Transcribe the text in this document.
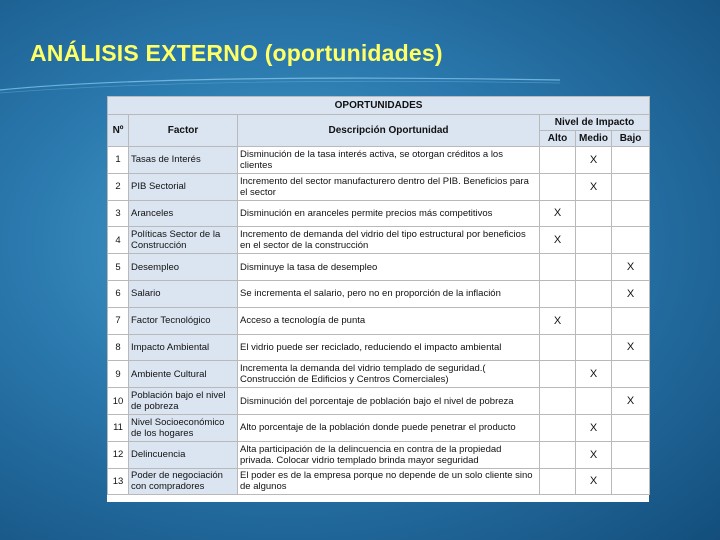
ANÁLISIS EXTERNO (oportunidades)
OPORTUNIDADES					
Nº	Factor	Descripción Oportunidad	Nivel de Impacto		
			Alto	Medio	Bajo
1	Tasas de Interés	Disminución de la tasa interés activa, se otorgan créditos a los clientes		X	
2	PIB Sectorial	Incremento del sector manufacturero dentro del PIB. Beneficios para el sector		X	
3	Aranceles	Disminución en aranceles permite precios más competitivos	X		
4	Políticas Sector de la Construcción	Incremento de demanda del vidrio del tipo estructural por beneficios en el sector de la construcción	X		
5	Desempleo	Disminuye la tasa de desempleo			X
6	Salario	Se incrementa el salario, pero no en proporción de la inflación			X
7	Factor Tecnológico	Acceso a tecnología de punta	X		
8	Impacto Ambiental	El vidrio puede ser reciclado, reduciendo el impacto ambiental			X
9	Ambiente Cultural	Incrementa la demanda del vidrio templado de seguridad.( Construcción de Edificios y Centros Comerciales)		X	
10	Población bajo el nivel de pobreza	Disminución del porcentaje de población bajo el nivel de pobreza			X
11	Nivel Socioeconómico de los hogares	Alto porcentaje de la población donde puede penetrar el producto		X	
12	Delincuencia	Alta participación de la delincuencia en contra de la propiedad privada. Colocar vidrio templado brinda mayor seguridad		X	
13	Poder de negociación con compradores	El poder es de la empresa porque no depende de un solo cliente sino de algunos		X	
